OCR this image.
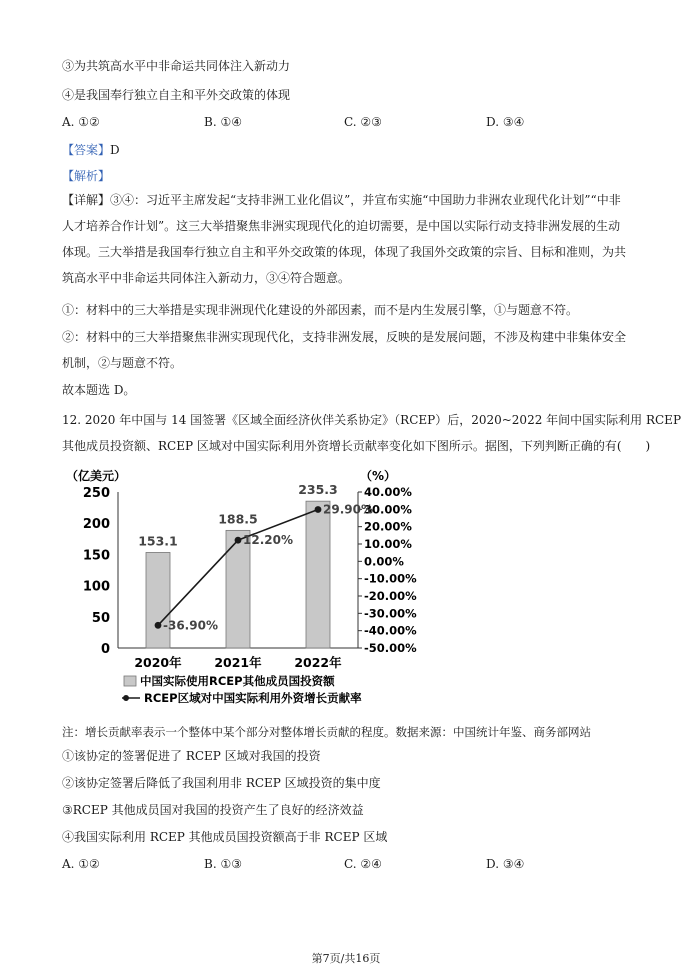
③为共筑高水平中非命运共同体注入新动力
④是我国奉行独立自主和平外交政策的体现
A. ①②	B. ①④	C. ②③	D. ③④
【答案】D
【解析】
【详解】③④：习近平主席发起“支持非洲工业化倡议”，并宣布实施“中国助力非洲农业现代化计划”“中非人才培养合作计划”。这三大举措聚焦非洲实现现代化的迫切需要，是中国以实际行动支持非洲发展的生动体现。三大举措是我国奉行独立自主和平外交政策的体现，体现了我国外交政策的宗旨、目标和准则，为共筑高水平中非命运共同体注入新动力，③④符合题意。
①：材料中的三大举措是实现非洲现代化建设的外部因素，而不是内生发展引擎，①与题意不符。
②：材料中的三大举措聚焦非洲实现现代化，支持非洲发展，反映的是发展问题，不涉及构建中非集体安全机制，②与题意不符。
故本题选 D。
12. 2020 年中国与 14 国签署《区域全面经济伙伴关系协定》（RCEP）后，2020~2022 年间中国实际利用 RCEP
其他成员投资额、RCEP 区域对中国实际利用外资增长贡献率变化如下图所示。据图，下列判断正确的有(　　)
（亿美元）	（%）
250
200
150
100
50
0
40.00%
30.00%
20.00%
10.00%
0.00%
-10.00%
-20.00%
-30.00%
-40.00%
-50.00%
153.1
188.5
235.3
-36.90%
12.20%
29.90%
2020年	2021年	2022年
中国实际使用RCEP其他成员国投资额
RCEP区域对中国实际利用外资增长贡献率
注：增长贡献率表示一个整体中某个部分对整体增长贡献的程度。数据来源：中国统计年鉴、商务部网站
①该协定的签署促进了 RCEP 区域对我国的投资
②该协定签署后降低了我国利用非 RCEP 区域投资的集中度
③RCEP 其他成员国对我国的投资产生了良好的经济效益
④我国实际利用 RCEP 其他成员国投资额高于非 RCEP 区域
A. ①②	B. ①③	C. ②④	D. ③④
第7页/共16页
